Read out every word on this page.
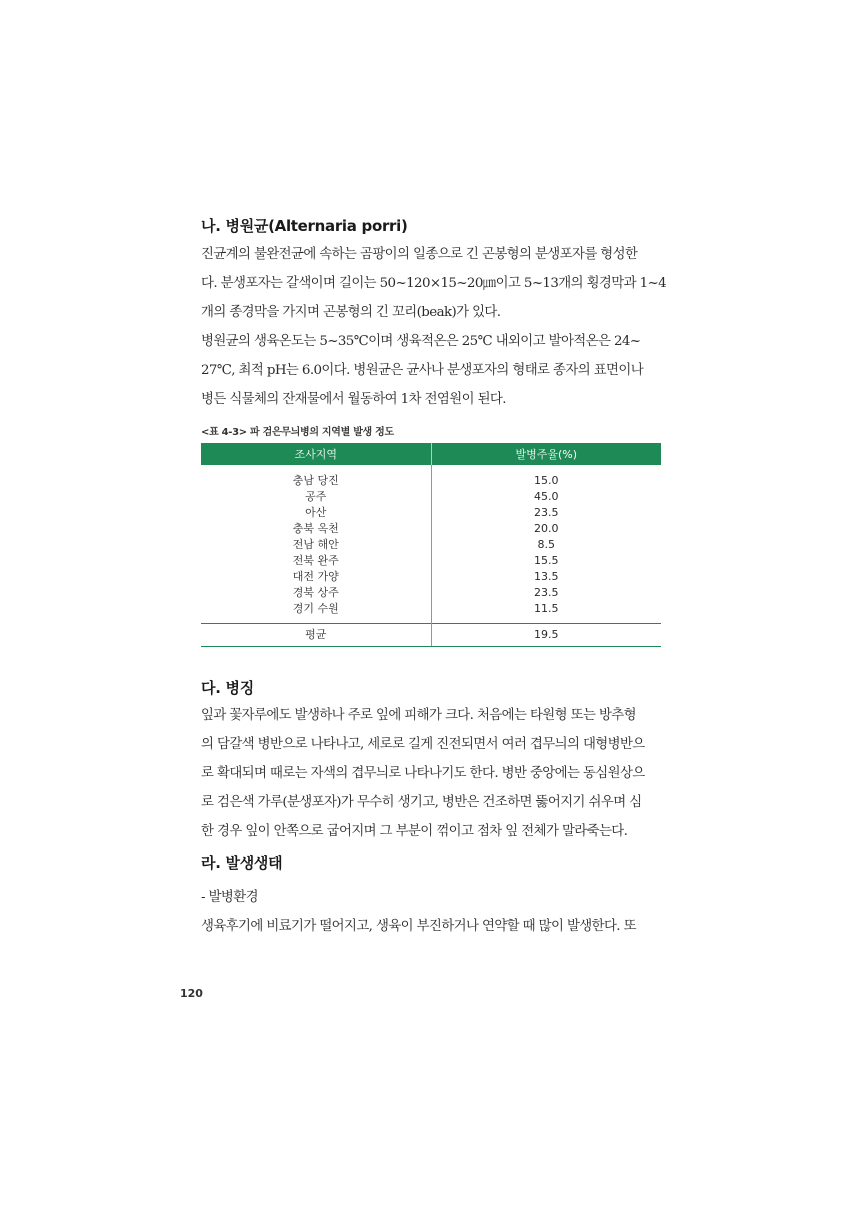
나. 병원균(Alternaria porri)
진균계의 불완전균에 속하는 곰팡이의 일종으로 긴 곤봉형의 분생포자를 형성한
다. 분생포자는 갈색이며 길이는 50~120×15~20㎛이고 5~13개의 횡경막과 1~4
개의 종경막을 가지며 곤봉형의 긴 꼬리(beak)가 있다.
병원균의 생육온도는 5~35℃이며 생육적온은 25℃ 내외이고 발아적온은 24~
27℃, 최적 pH는 6.0이다. 병원균은 균사나 분생포자의 형태로 종자의 표면이나
병든 식물체의 잔재물에서 월동하여 1차 전염원이 된다.
<표 4-3> 파 검은무늬병의 지역별 발생 정도
조사지역	발병주율(%)
충남 당진	15.0
공주	45.0
아산	23.5
충북 옥천	20.0
전남 해안	8.5
전북 완주	15.5
대전 가양	13.5
경북 상주	23.5
경기 수원	11.5
평균	19.5
다. 병징
잎과 꽃자루에도 발생하나 주로 잎에 피해가 크다. 처음에는 타원형 또는 방추형
의 담갈색 병반으로 나타나고, 세로로 길게 진전되면서 여러 겹무늬의 대형병반으
로 확대되며 때로는 자색의 겹무늬로 나타나기도 한다. 병반 중앙에는 동심원상으
로 검은색 가루(분생포자)가 무수히 생기고, 병반은 건조하면 뚫어지기 쉬우며 심
한 경우 잎이 안쪽으로 굽어지며 그 부분이 꺾이고 점차 잎 전체가 말라죽는다.
라. 발생생태
- 발병환경
생육후기에 비료기가 떨어지고, 생육이 부진하거나 연약할 때 많이 발생한다. 또
120
